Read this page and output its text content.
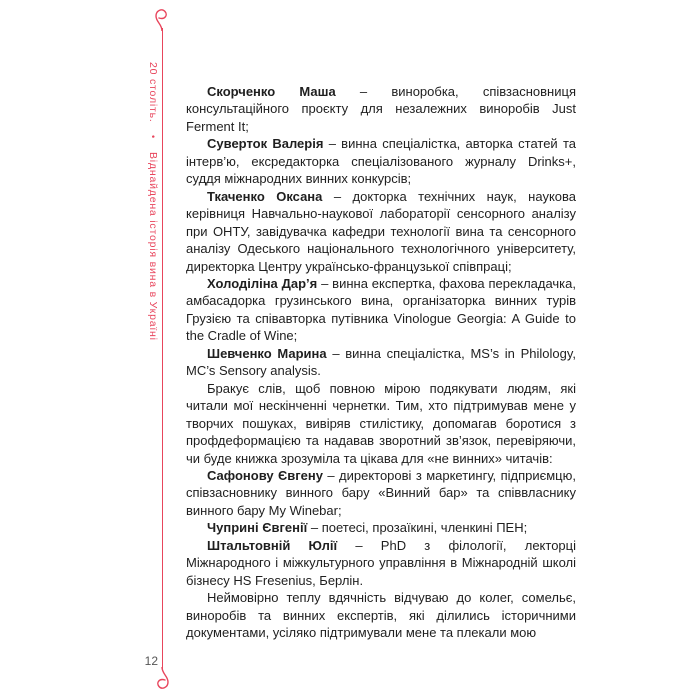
20 століть. • Віднайдена історія вина в Україні
12

Скорченко Маша – виноробка, співзасновниця консультаційного проєкту для незалежних виноробів Just Ferment It;

Суверток Валерія – винна спеціалістка, авторка статей та інтерв’ю, ексредакторка спеціалізованого журналу Drinks+, суддя міжнародних винних конкурсів;

Ткаченко Оксана – докторка технічних наук, наукова керівниця Навчально-наукової лабораторії сенсорного аналізу при ОНТУ, завідувачка кафедри технології вина та сенсорного аналізу Одеського національного технологічного університету, директорка Центру українсько-французької співпраці;

Холоділіна Дар’я – винна експертка, фахова перекладачка, амбасадорка грузинського вина, організаторка винних турів Грузією та співавторка путівника Vinologue Georgia: A Guide to the Cradle of Wine;

Шевченко Марина – винна спеціалістка, MS’s in Philology, MC’s Sensory analysis.

Бракує слів, щоб повною мірою подякувати людям, які читали мої нескінченні чернетки. Тим, хто підтримував мене у творчих пошуках, вивіряв стилістику, допомагав боротися з профдеформацією та надавав зворотний зв’язок, перевіряючи, чи буде книжка зрозуміла та цікава для «не винних» читачів:

Сафонову Євгену – директорові з маркетингу, підприємцю, співзасновнику винного бару «Винний бар» та співвласнику винного бару My Winebar;

Чуприні Євгенії – поетесі, прозаїкині, членкині ПЕН;

Штальтовній Юлії – PhD з філології, лекторці Міжнародного і міжкультурного управління в Міжнародній школі бізнесу HS Fresenius, Берлін.

Неймовірно теплу вдячність відчуваю до колег, сомельє, виноробів та винних експертів, які ділились історичними документами, усіляко підтримували мене та плекали мою
